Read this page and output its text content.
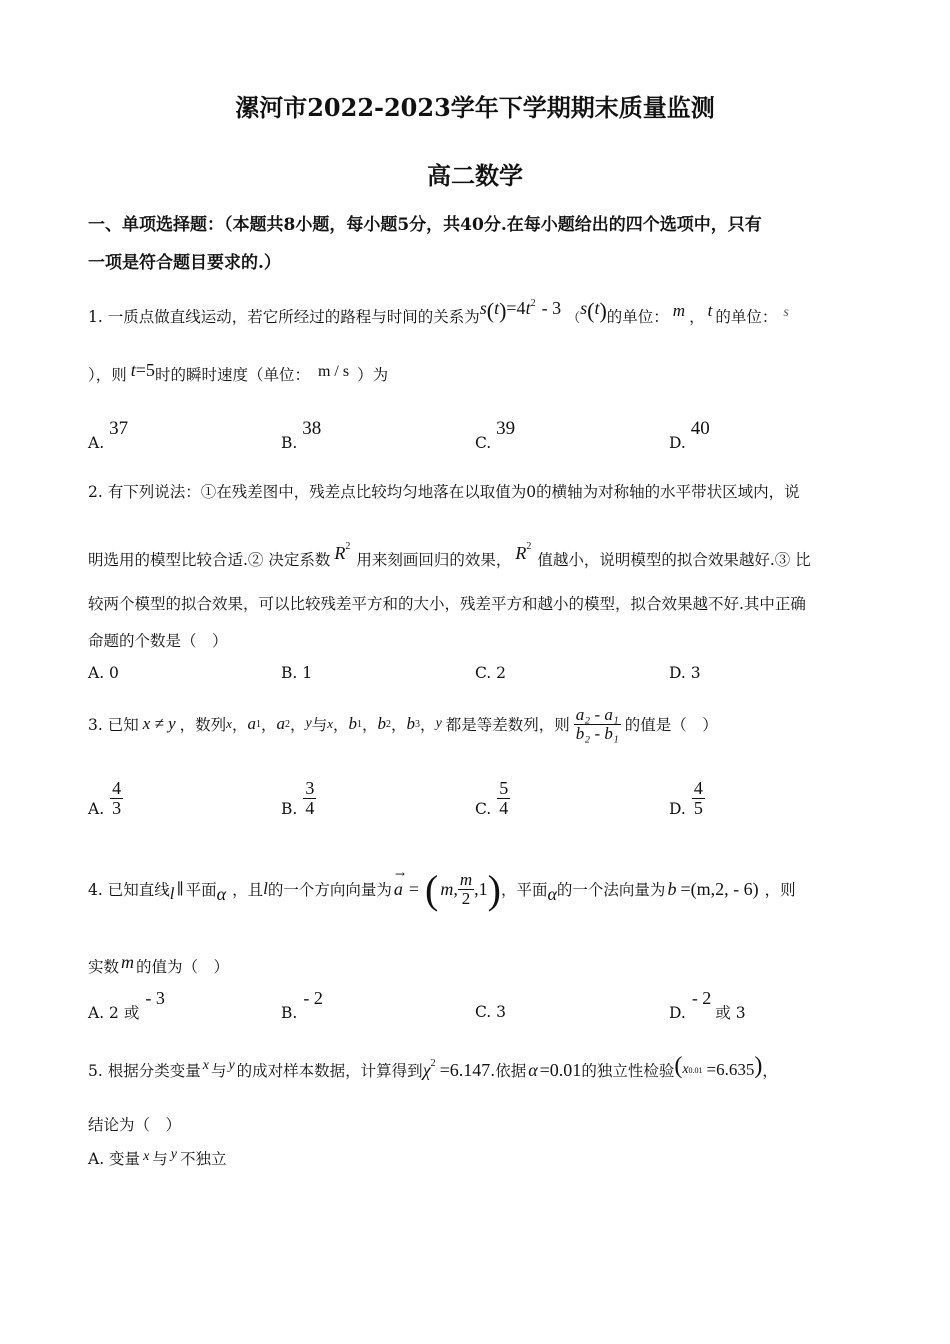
漯河市2022-2023学年下学期期末质量监测
高二数学
一、单项选择题：（本题共8小题，每小题5分，共40分.在每小题给出的四个选项中，只有
一项是符合题目要求的.）
1. 一质点做直线运动，若它所经过的路程与时间的关系为$s(t)=4t^2 - 3(s(t)$的单位： m ， t 的单位： s
），则 t=5时的瞬时速度（单位： m / s ）为
A. 37
B. 38
C. 39
D. 40
2. 有下列说法：①在残差图中，残差点比较均匀地落在以取值为0的横轴为对称轴的水平带状区域内，说
明选用的模型比较合适.② 决定系数 $R^2$用来刻画回归的效果， $R^2$值越小，说明模型的拟合效果越好.③ 比
较两个模型的拟合效果，可以比较残差平方和的大小，残差平方和越小的模型，拟合效果越不好.其中正确
命题的个数是（　）
A. 0	B. 1	C. 2	D. 3
3. 已知 x ≠ y ，数列 x ， a 1 ， a 2 ， y 与 x ， b 1 ， b 2 ， b 3 ， y 都是等差数列，则 $\frac{\text{a₂ - a₁}}{\text{b₂ - b₁}}$ 的值是（　）
A. $\frac{4}{3}$	B. $\frac{3}{4}$	C. $\frac{5}{4}$	D. $\frac{4}{5}$
4. 已知直线 l ∥ 平面 α ，且 l 的一个方向向量为 a
→
= ( m, $\frac{m}{2} ,1$ ) ，平面 α 的一个法向量为 b =(m,2, - 6) ，则
实数 m 的值为（　）
A. 2 或- 3
B.- 2
C. 3	D.- 2或 3
5. 根据分类变量 x 与 y 的成对样本数据，计算得到 $\chi^2 =6.147$ .依据 α =0.01 的独立性检验 ( x 0.01 =6.635 ) ，
结论为（　）
A. 变量 x 与 y 不独立
